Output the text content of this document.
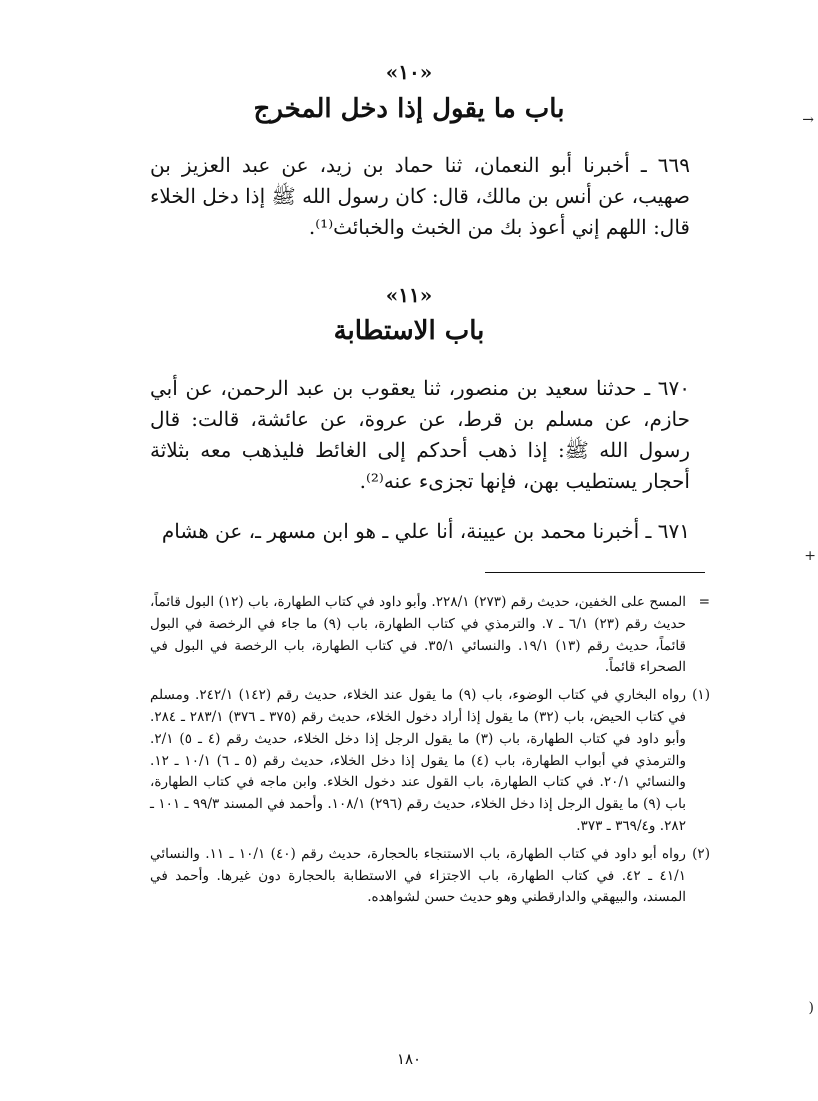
→
+
(
«١٠»
باب ما يقول إذا دخل المخرج

٦٦٩ ـ أخبرنا أبو النعمان، ثنا حماد بن زيد، عن عبد العزيز بن صهيب، عن أنس بن مالك، قال: كان رسول الله ﷺ إذا دخل الخلاء قال: اللهم إني أعوذ بك من الخبث والخبائث⁽¹⁾.

«١١»
باب الاستطابة

٦٧٠ ـ حدثنا سعيد بن منصور، ثنا يعقوب بن عبد الرحمن، عن أبي حازم، عن مسلم بن قرط، عن عروة، عن عائشة، قالت: قال رسول الله ﷺ: إذا ذهب أحدكم إلى الغائط فليذهب معه بثلاثة أحجار يستطيب بهن، فإنها تجزىء عنه⁽²⁾.

٦٧١ ـ أخبرنا محمد بن عيينة، أنا علي ـ هو ابن مسهر ـ، عن هشام

=
المسح على الخفين، حديث رقم (٢٧٣) ٢٢٨/١. وأبو داود في كتاب الطهارة، باب (١٢) البول قائماً، حديث رقم (٢٣) ٦/١ ـ ٧. والترمذي في كتاب الطهارة، باب (٩) ما جاء في الرخصة في البول قائماً، حديث رقم (١٣) ١٩/١. والنسائي ٣٥/١. في كتاب الطهارة، باب الرخصة في البول في الصحراء قائماً.
(١)
رواه البخاري في كتاب الوضوء، باب (٩) ما يقول عند الخلاء، حديث رقم (١٤٢) ٢٤٢/١. ومسلم في كتاب الحيض، باب (٣٢) ما يقول إذا أراد دخول الخلاء، حديث رقم (٣٧٥ ـ ٣٧٦) ٢٨٣/١ ـ ٢٨٤. وأبو داود في كتاب الطهارة، باب (٣) ما يقول الرجل إذا دخل الخلاء، حديث رقم (٤ ـ ٥) ٢/١. والترمذي في أبواب الطهارة، باب (٤) ما يقول إذا دخل الخلاء، حديث رقم (٥ ـ ٦) ١٠/١ ـ ١٢. والنسائي ٢٠/١. في كتاب الطهارة، باب القول عند دخول الخلاء. وابن ماجه في كتاب الطهارة، باب (٩) ما يقول الرجل إذا دخل الخلاء، حديث رقم (٢٩٦) ١٠٨/١. وأحمد في المسند ٩٩/٣ ـ ١٠١ ـ ٢٨٢. و٣٦٩/٤ ـ ٣٧٣.
(٢)
رواه أبو داود في كتاب الطهارة، باب الاستنجاء بالحجارة، حديث رقم (٤٠) ١٠/١ ـ ١١. والنسائي ٤١/١ ـ ٤٢. في كتاب الطهارة، باب الاجتزاء في الاستطابة بالحجارة دون غيرها. وأحمد في المسند، والبيهقي والدارقطني وهو حديث حسن لشواهده.
١٨٠
